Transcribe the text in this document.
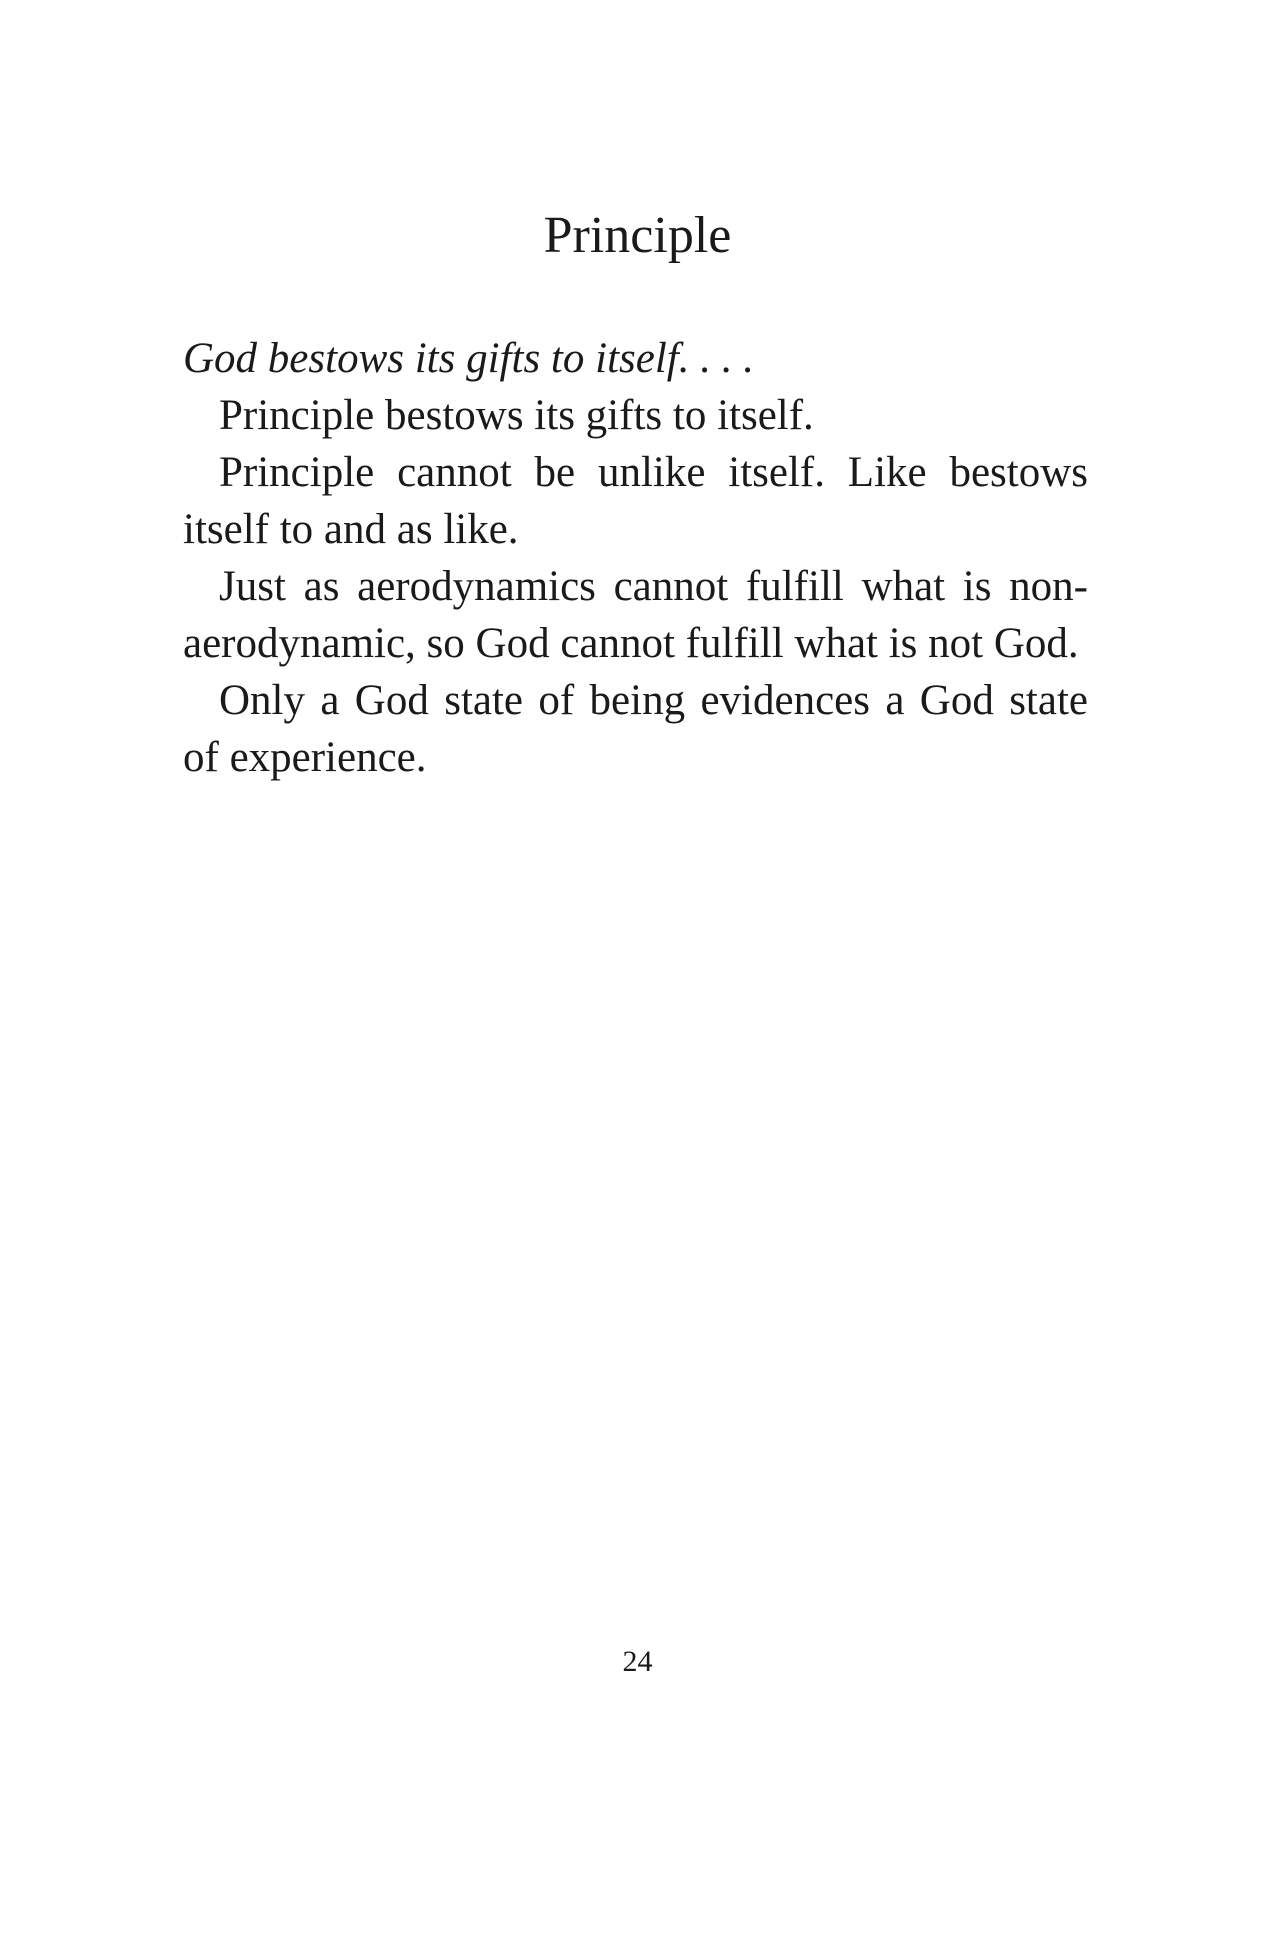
Principle

God bestows its gifts to itself. . . .

Principle bestows its gifts to itself.

Principle cannot be unlike itself. Like bestows itself to and as like.

Just as aerodynamics cannot fulfill what is non-aerodynamic, so God cannot fulfill what is not God.

Only a God state of being evidences a God state of experience.

24
